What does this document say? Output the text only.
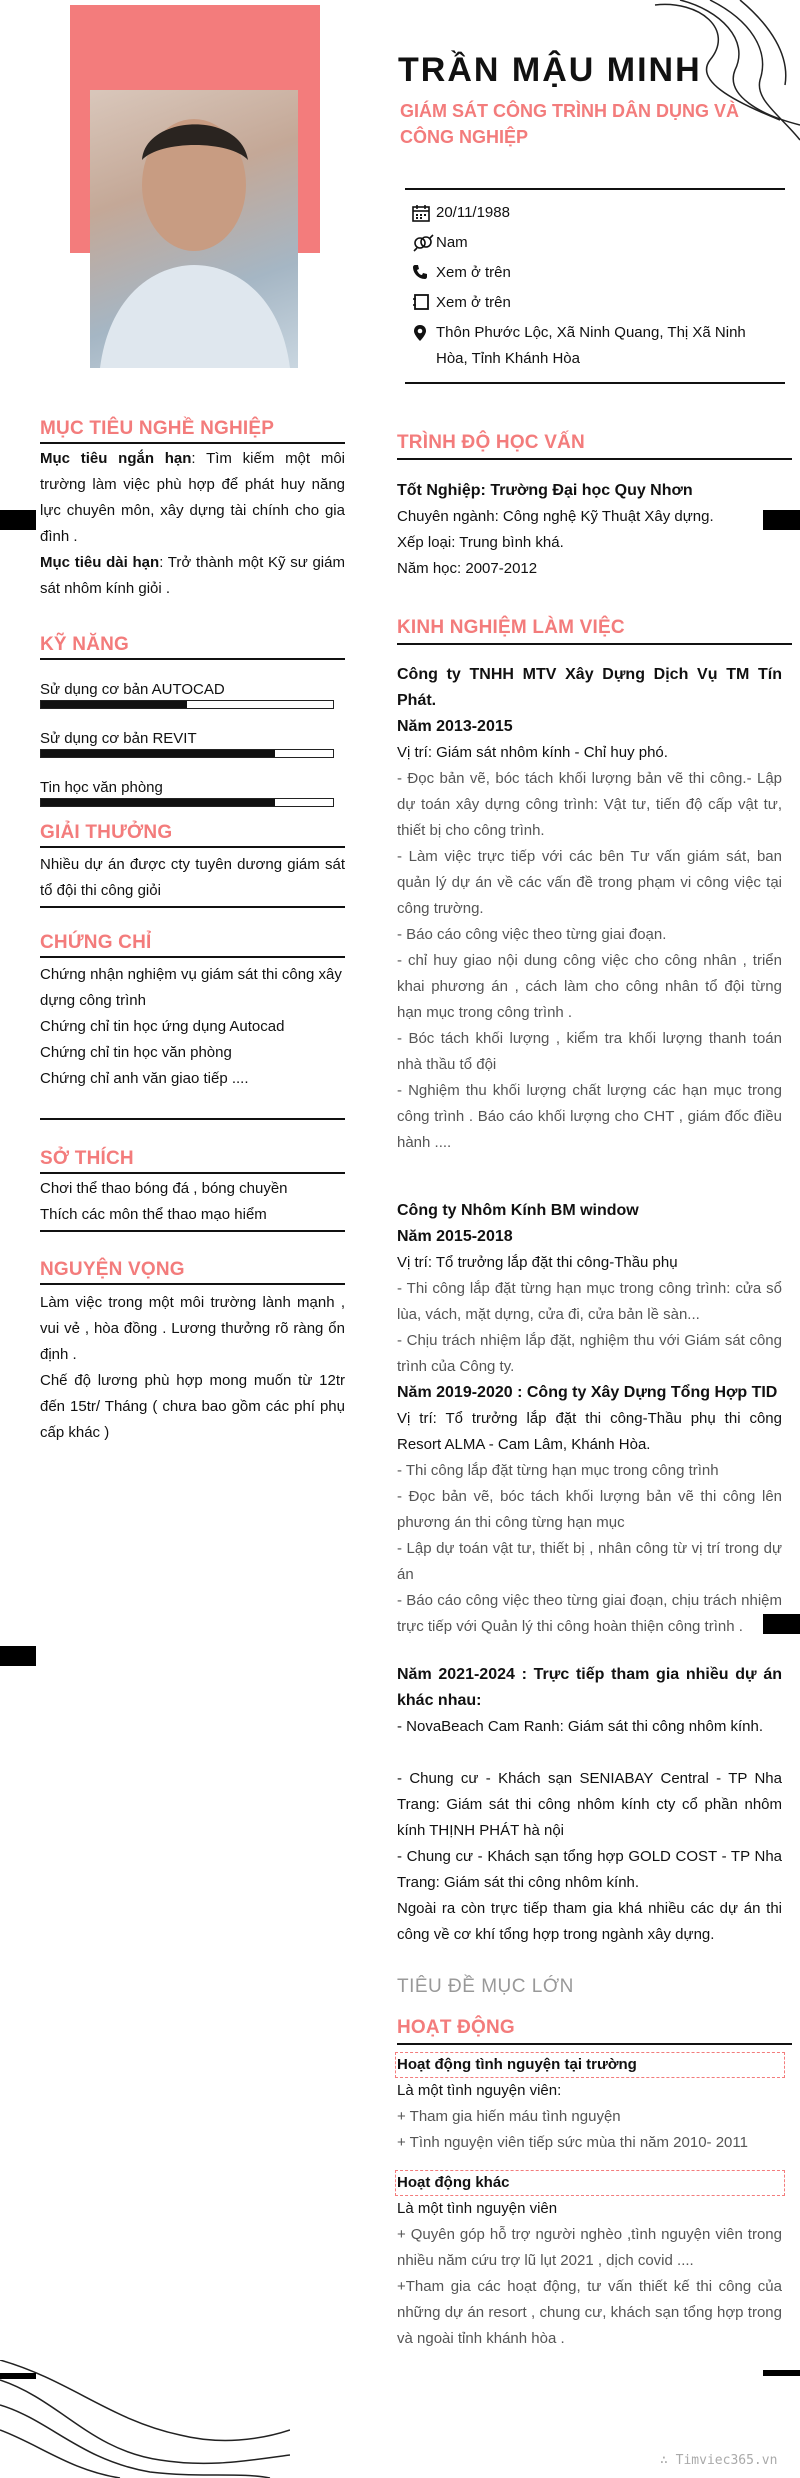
TRẦN MẬU MINH
GIÁM SÁT CÔNG TRÌNH DÂN DỤNG VÀ
CÔNG NGHIỆP
20/11/1988
Nam
Xem ở trên
Xem ở trên
Thôn Phước Lộc, Xã Ninh Quang, Thị Xã Ninh
Hòa, Tỉnh Khánh Hòa
MỤC TIÊU NGHỀ NGHIỆP
Mục tiêu ngắn hạn: Tìm kiếm một môi trường làm việc phù hợp để phát huy năng lực chuyên môn, xây dựng tài chính cho gia đình .
Mục tiêu dài hạn: Trở thành một Kỹ sư giám sát nhôm kính giỏi .
KỸ NĂNG
Sử dụng cơ bản AUTOCAD
Sử dụng cơ bản REVIT
Tin học văn phòng
GIẢI THƯỞNG
Nhiều dự án được cty tuyên dương giám sát tổ đội thi công giỏi
CHỨNG CHỈ
Chứng nhận nghiệm vụ giám sát thi công xây dựng công trình
Chứng chỉ tin học ứng dụng Autocad
Chứng chỉ tin học văn phòng
Chứng chỉ anh văn giao tiếp ....
SỞ THÍCH
Chơi thể thao bóng đá , bóng chuyền
Thích các môn thể thao mạo hiểm
NGUYỆN VỌNG
Làm việc trong một môi trường lành mạnh , vui vẻ , hòa đồng . Lương thưởng rõ ràng ổn định .
Chế độ lương phù hợp mong muốn từ 12tr đến 15tr/ Tháng ( chưa bao gồm các phí phụ cấp khác )
TRÌNH ĐỘ HỌC VẤN
Tốt Nghiệp: Trường Đại học Quy Nhơn
Chuyên ngành: Công nghệ Kỹ Thuật Xây dựng.
Xếp loại: Trung bình khá.
Năm học: 2007-2012
KINH NGHIỆM LÀM VIỆC
Công ty TNHH MTV Xây Dựng Dịch Vụ TM Tín Phát.
Năm 2013-2015
Vị trí: Giám sát nhôm kính - Chỉ huy phó.
- Đọc bản vẽ, bóc tách khối lượng bản vẽ thi công.- Lập dự toán xây dựng công trình: Vật tư, tiến độ cấp vật tư, thiết bị cho công trình.
- Làm việc trực tiếp với các bên Tư vấn giám sát, ban quản lý dự án về các vấn đề trong phạm vi công việc tại công trường.
- Báo cáo công việc theo từng giai đoạn.
- chỉ huy giao nội dung công việc cho công nhân , triển khai phương án , cách làm cho công nhân tổ đội từng hạn mục trong công trình .
- Bóc tách khối lượng , kiểm tra khối lượng thanh toán nhà thầu tổ đội
- Nghiệm thu khối lượng chất lượng các hạn mục trong công trình . Báo cáo khối lượng cho CHT , giám đốc điều hành ....
Công ty Nhôm Kính BM window
Năm 2015-2018
Vị trí: Tổ trưởng lắp đặt thi công-Thầu phụ
- Thi công lắp đặt từng hạn mục trong công trình: cửa sổ lùa, vách, mặt dựng, cửa đi, cửa bản lề sàn...
- Chịu trách nhiệm lắp đặt, nghiệm thu với Giám sát công trình của Công ty.
Năm 2019-2020 : Công ty Xây Dựng Tổng Hợp TID
Vị trí: Tổ trưởng lắp đặt thi công-Thầu phụ thi công Resort ALMA - Cam Lâm, Khánh Hòa.
- Thi công lắp đặt từng hạn mục trong công trình
- Đọc bản vẽ, bóc tách khối lượng bản vẽ thi công lên phương án thi công từng hạn mục
- Lập dự toán vật tư, thiết bị , nhân công từ vị trí trong dự án
- Báo cáo công việc theo từng giai đoạn, chịu trách nhiệm trực tiếp với Quản lý thi công hoàn thiện công trình .
Năm 2021-2024 : Trực tiếp tham gia nhiều dự án khác nhau:
- NovaBeach Cam Ranh: Giám sát thi công nhôm kính.
- Chung cư - Khách sạn SENIABAY Central - TP Nha Trang: Giám sát thi công nhôm kính cty cổ phần nhôm kính THỊNH PHÁT hà nội
- Chung cư - Khách sạn tổng hợp GOLD COST - TP Nha Trang: Giám sát thi công nhôm kính.
Ngoài ra còn trực tiếp tham gia khá nhiều các dự án thi công về cơ khí tổng hợp trong ngành xây dựng.
TIÊU ĐỀ MỤC LỚN
HOẠT ĐỘNG
Hoạt động tình nguyện tại trường
Là một tình nguyện viên:
+ Tham gia hiến máu tình nguyện
+ Tình nguyện viên tiếp sức mùa thi năm 2010- 2011
Hoạt động khác
Là một tình nguyện viên
+ Quyên góp hỗ trợ người nghèo ,tình nguyện viên trong nhiều năm cứu trợ lũ lụt 2021 , dịch covid ....
+Tham gia các hoạt động, tư vấn thiết kế thi công của những dự án resort , chung cư, khách sạn tổng hợp trong và ngoài tỉnh khánh hòa .
∴ Timviec365.vn
